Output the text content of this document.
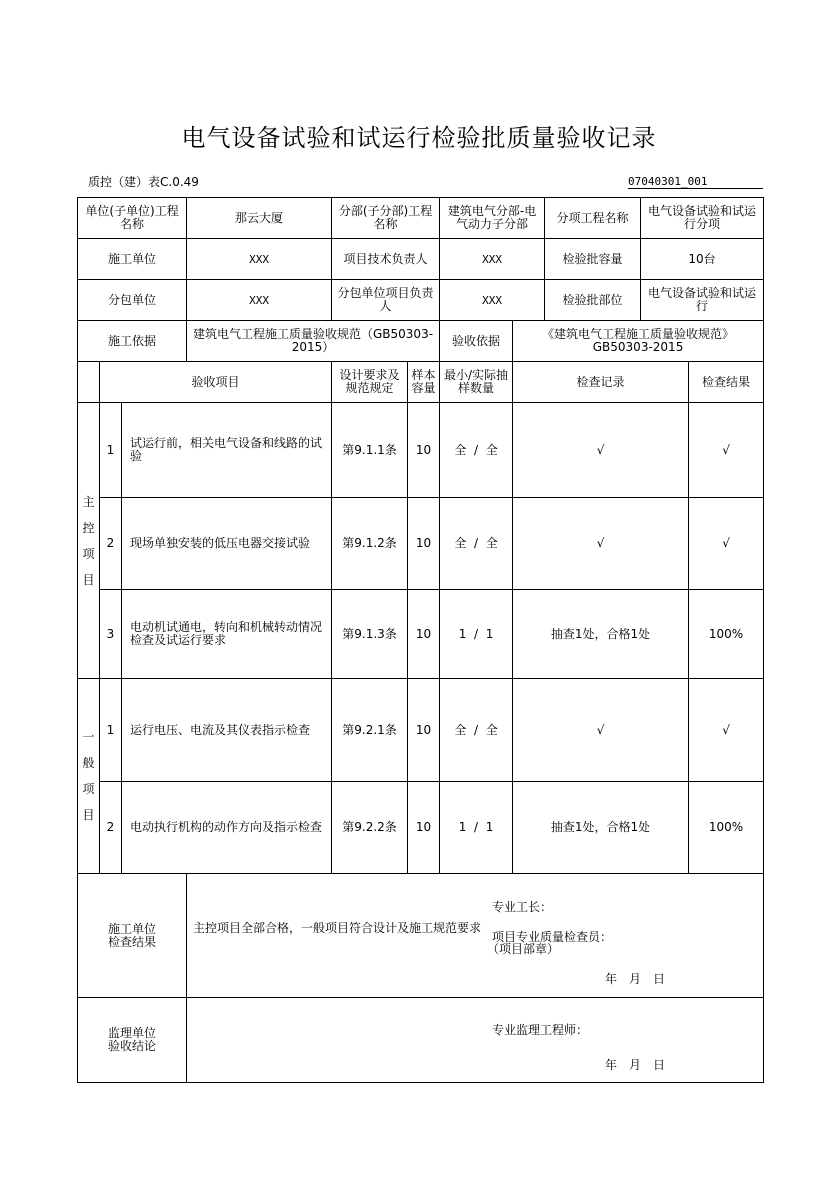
电气设备试验和试运行检验批质量验收记录
质控（建）表C.0.49	07040301_001
单位(子单位)工程名称			那云大厦	分部(子分部)工程名称		建筑电气分部-电气动力子分部		分项工程名称	电气设备试验和试运行分项	
施工单位			XXX	项目技术负责人		XXX		检验批容量	10台	
分包单位			XXX	分包单位项目负责人		XXX		检验批部位	电气设备试验和试运行	
施工依据			建筑电气工程施工质量验收规范（GB50303-2015）			验收依据	《建筑电气工程施工质量验收规范》GB50303-2015			
	验收项目			设计要求及规范规定	样本容量	最小/实际抽样数量	检查记录			检查结果

主控项目	1	试运行前，相关电气设备和线路的试验		第9.1.1条	10	全 / 全	√			√
	2	现场单独安装的低压电器交接试验		第9.1.2条	10	全 / 全	√			√
	3	电动机试通电，转向和机械转动情况检查及试运行要求		第9.1.3条	10	1 / 1	抽查1处，合格1处			100%

一般项目	1	运行电压、电流及其仪表指示检查		第9.2.1条	10	全 / 全	√			√
	2	电动执行机构的动作方向及指示检查		第9.2.2条	10	1 / 1	抽查1处，合格1处			100%

施工单位检查结果			主控项目全部合格，一般项目符合设计及施工规范要求
专业工长：
项目专业质量检查员：
（项目部章）
年　月　日							

监理单位验收结论			专业监理工程师：
年　月　日							
